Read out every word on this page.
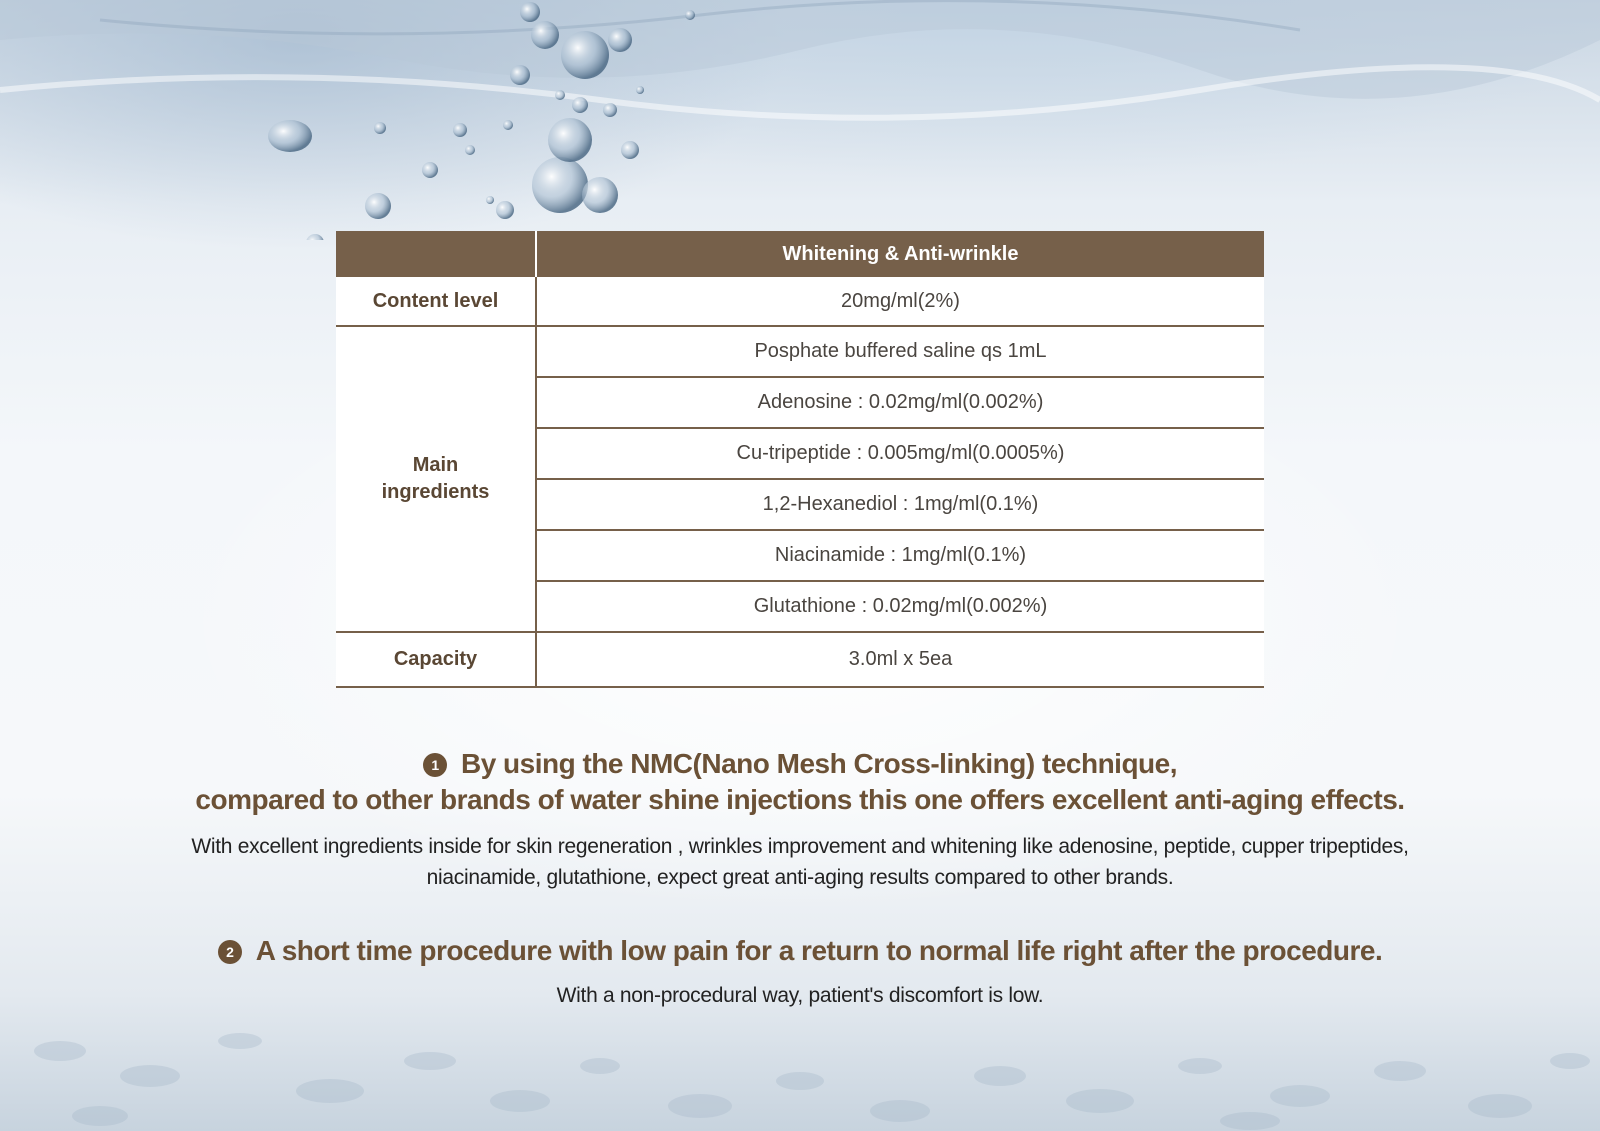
	Whitening & Anti-wrinkle
Content level	20mg/ml(2%)
Main
ingredients	Posphate buffered saline qs 1mL
	Adenosine : 0.02mg/ml(0.002%)
	Cu-tripeptide : 0.005mg/ml(0.0005%)
	1,2-Hexanediol : 1mg/ml(0.1%)
	Niacinamide : 1mg/ml(0.1%)
	Glutathione : 0.02mg/ml(0.002%)
Capacity	3.0ml x 5ea
1 By using the NMC(Nano Mesh Cross-linking) technique,
compared to other brands of water shine injections this one offers excellent anti-aging effects.
With excellent ingredients inside for skin regeneration , wrinkles improvement and whitening like adenosine, peptide, cupper tripeptides,
niacinamide, glutathione, expect great anti-aging results compared to other brands.
2 A short time procedure with low pain for a return to normal life right after the procedure.
With a non-procedural way, patient's discomfort is low.
